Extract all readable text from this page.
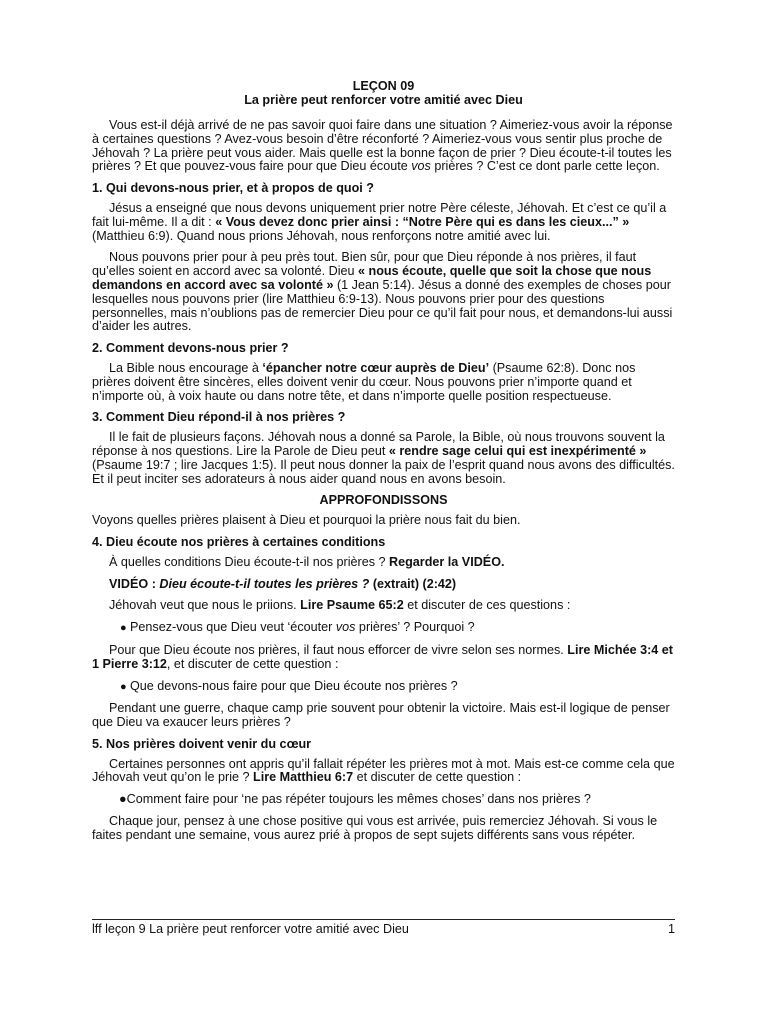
LEÇON 09
La prière peut renforcer votre amitié avec Dieu

Vous est-il déjà arrivé de ne pas savoir quoi faire dans une situation ? Aimeriez-vous avoir la réponse à certaines questions ? Avez-vous besoin d’être réconforté ? Aimeriez-vous vous sentir plus proche de Jéhovah ? La prière peut vous aider. Mais quelle est la bonne façon de prier ? Dieu écoute-t-il toutes les prières ? Et que pouvez-vous faire pour que Dieu écoute vos prières ? C’est ce dont parle cette leçon.

1. Qui devons-nous prier, et à propos de quoi ?

Jésus a enseigné que nous devons uniquement prier notre Père céleste, Jéhovah. Et c’est ce qu’il a fait lui-même. Il a dit : « Vous devez donc prier ainsi : “Notre Père qui es dans les cieux...” » (Matthieu 6:9). Quand nous prions Jéhovah, nous renforçons notre amitié avec lui.

Nous pouvons prier pour à peu près tout. Bien sûr, pour que Dieu réponde à nos prières, il faut qu’elles soient en accord avec sa volonté. Dieu « nous écoute, quelle que soit la chose que nous demandons en accord avec sa volonté » (1 Jean 5:14). Jésus a donné des exemples de choses pour lesquelles nous pouvons prier (lire Matthieu 6:9-13). Nous pouvons prier pour des questions personnelles, mais n’oublions pas de remercier Dieu pour ce qu’il fait pour nous, et demandons-lui aussi d’aider les autres.

2. Comment devons-nous prier ?

La Bible nous encourage à ‘épancher notre cœur auprès de Dieu’ (Psaume 62:8). Donc nos prières doivent être sincères, elles doivent venir du cœur. Nous pouvons prier n’importe quand et n’importe où, à voix haute ou dans notre tête, et dans n’importe quelle position respectueuse.

3. Comment Dieu répond-il à nos prières ?

Il le fait de plusieurs façons. Jéhovah nous a donné sa Parole, la Bible, où nous trouvons souvent la réponse à nos questions. Lire la Parole de Dieu peut « rendre sage celui qui est inexpérimenté » (Psaume 19:7 ; lire Jacques 1:5). Il peut nous donner la paix de l’esprit quand nous avons des difficultés. Et il peut inciter ses adorateurs à nous aider quand nous en avons besoin.

APPROFONDISSONS

Voyons quelles prières plaisent à Dieu et pourquoi la prière nous fait du bien.

4. Dieu écoute nos prières à certaines conditions

À quelles conditions Dieu écoute-t-il nos prières ? Regarder la VIDÉO.

VIDÉO : Dieu écoute-t-il toutes les prières ? (extrait) (2:42)

Jéhovah veut que nous le priions. Lire Psaume 65:2 et discuter de ces questions :

● Pensez-vous que Dieu veut ‘écouter vos prières’ ? Pourquoi ?

Pour que Dieu écoute nos prières, il faut nous efforcer de vivre selon ses normes. Lire Michée 3:4 et 1 Pierre 3:12, et discuter de cette question :

● Que devons-nous faire pour que Dieu écoute nos prières ?

Pendant une guerre, chaque camp prie souvent pour obtenir la victoire. Mais est-il logique de penser que Dieu va exaucer leurs prières ?

5. Nos prières doivent venir du cœur

Certaines personnes ont appris qu’il fallait répéter les prières mot à mot. Mais est-ce comme cela que Jéhovah veut qu’on le prie ? Lire Matthieu 6:7 et discuter de cette question :

●Comment faire pour ‘ne pas répéter toujours les mêmes choses’ dans nos prières ?

Chaque jour, pensez à une chose positive qui vous est arrivée, puis remerciez Jéhovah. Si vous le faites pendant une semaine, vous aurez prié à propos de sept sujets différents sans vous répéter.

lff leçon 9 La prière peut renforcer votre amitié avec Dieu	1
